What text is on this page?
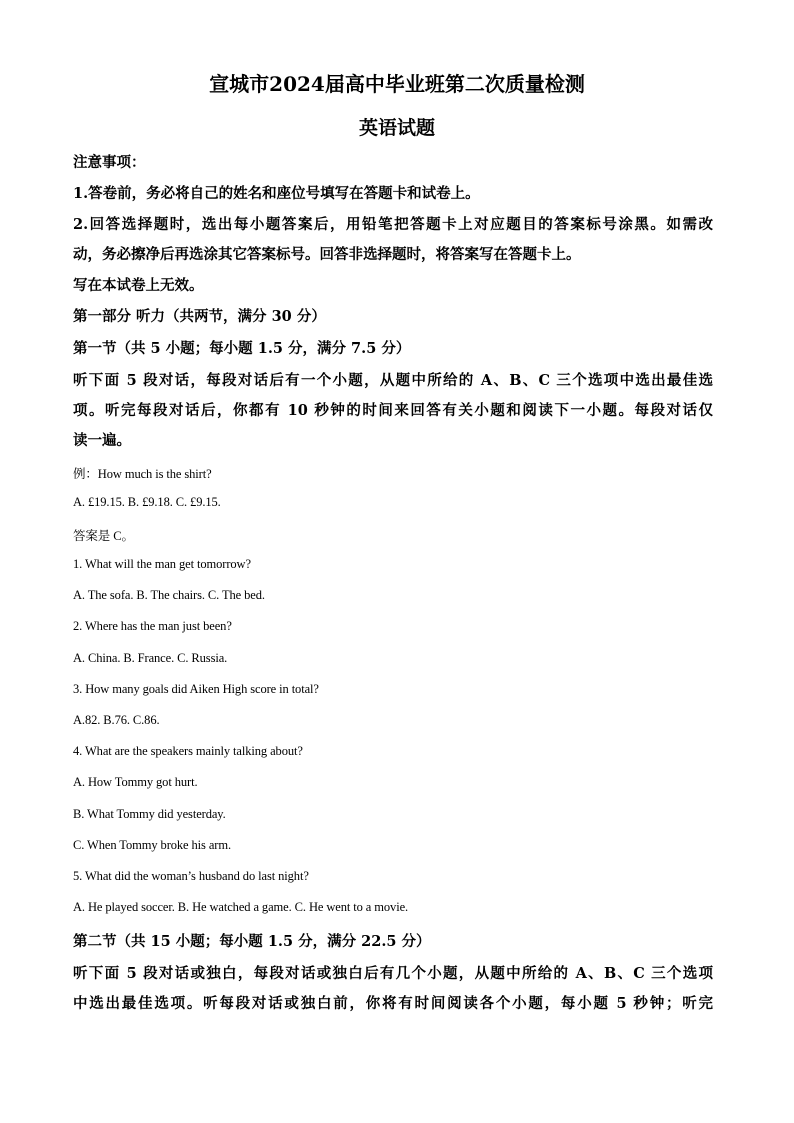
宣城市2024届高中毕业班第二次质量检测
英语试题
注意事项：
1.答卷前，务必将自己的姓名和座位号填写在答题卡和试卷上。
2.回答选择题时，选出每小题答案后，用铅笔把答题卡上对应题目的答案标号涂黑。如需改
动，务必擦净后再选涂其它答案标号。回答非选择题时，将答案写在答题卡上。
写在本试卷上无效。
第一部分 听力（共两节，满分 30 分）
第一节（共 5 小题；每小题 1.5 分，满分 7.5 分）
听下面 5 段对话，每段对话后有一个小题，从题中所给的 A、B、C 三个选项中选出最佳选
项。听完每段对话后，你都有 10 秒钟的时间来回答有关小题和阅读下一小题。每段对话仅
读一遍。
例：How much is the shirt?
A. £19.15. B. £9.18. C. £9.15.
答案是 C。
1. What will the man get tomorrow?
A. The sofa. B. The chairs. C. The bed.
2. Where has the man just been?
A. China. B. France. C. Russia.
3. How many goals did Aiken High score in total?
A.82. B.76. C.86.
4. What are the speakers mainly talking about?
A. How Tommy got hurt.
B. What Tommy did yesterday.
C. When Tommy broke his arm.
5. What did the woman’s husband do last night?
A. He played soccer. B. He watched a game. C. He went to a movie.
第二节（共 15 小题；每小题 1.5 分，满分 22.5 分）
听下面 5 段对话或独白，每段对话或独白后有几个小题，从题中所给的 A、B、C 三个选项
中选出最佳选项。听每段对话或独白前，你将有时间阅读各个小题，每小题 5 秒钟；听完
